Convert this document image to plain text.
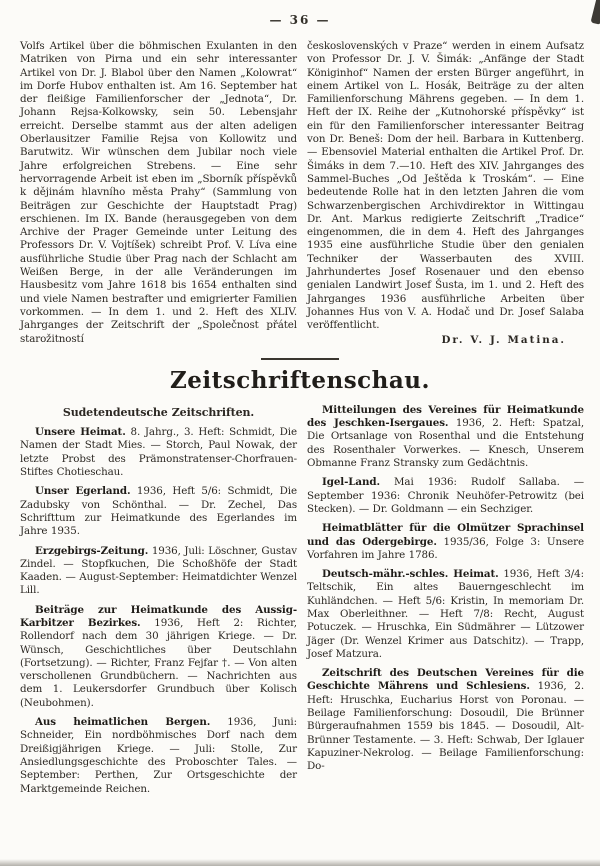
— 36 —

Volfs Artikel über die böhmischen Exulanten in den Matriken von Pirna und ein sehr interessanter Artikel von Dr. J. Blabol über den Namen „Kolowrat“ im Dorfe Hubov enthalten ist. Am 16. September hat der fleißige Familienforscher der „Jednota“, Dr. Johann Rejsa-Kolkowsky, sein 50. Lebensjahr erreicht. Derselbe stammt aus der alten adeligen Oberlausitzer Familie Rejsa von Kollowitz und Barutwitz. Wir wünschen dem Jubilar noch viele Jahre erfolgreichen Strebens. — Eine sehr hervorragende Arbeit ist eben im „Sborník příspěvků k dějinám hlavního města Prahy“ (Sammlung von Beiträgen zur Geschichte der Hauptstadt Prag) erschienen. Im IX. Bande (herausgegeben von dem Archive der Prager Gemeinde unter Leitung des Professors Dr. V. Vojtíšek) schreibt Prof. V. Líva eine ausführliche Studie über Prag nach der Schlacht am Weißen Berge, in der alle Veränderungen im Hausbesitz vom Jahre 1618 bis 1654 enthalten sind und viele Namen bestrafter und emigrierter Familien vorkommen. — In dem 1. und 2. Heft des XLIV. Jahrganges der Zeitschrift der „Společnost přátel starožitností

československých v Praze“ werden in einem Aufsatz von Professor Dr. J. V. Šimák: „Anfänge der Stadt Königinhof“ Namen der ersten Bürger angeführt, in einem Artikel von L. Hosák, Beiträge zu der alten Familienforschung Mährens gegeben. — In dem 1. Heft der IX. Reihe der „Kutnohorské příspěvky“ ist ein für den Familienforscher interessanter Beitrag von Dr. Beneš: Dom der heil. Barbara in Kuttenberg. — Ebensoviel Material enthalten die Artikel Prof. Dr. Šimáks in dem 7.—10. Heft des XIV. Jahrganges des Sammel-Buches „Od Ještěda k Troskám“. — Eine bedeutende Rolle hat in den letzten Jahren die vom Schwarzenbergischen Archivdirektor in Wittingau Dr. Ant. Markus redigierte Zeitschrift „Tradice“ eingenommen, die in dem 4. Heft des Jahrganges 1935 eine ausführliche Studie über den genialen Techniker der Wasserbauten des XVIII. Jahrhundertes Josef Rosenauer und den ebenso genialen Landwirt Josef Šusta, im 1. und 2. Heft des Jahrganges 1936 ausführliche Arbeiten über Johannes Hus von V. A. Hodač und Dr. Josef Salaba veröffentlicht.

Dr. V. J. Matina.
Zeitschriftenschau.
Sudetendeutsche Zeitschriften.

Unsere Heimat. 8. Jahrg., 3. Heft: Schmidt, Die Namen der Stadt Mies. — Storch, Paul Nowak, der letzte Probst des Prämonstratenser-Chorfrauen-Stiftes Chotieschau.

Unser Egerland. 1936, Heft 5/6: Schmidt, Die Zadubsky von Schönthal. — Dr. Zechel, Das Schrifttum zur Heimatkunde des Egerlandes im Jahre 1935.

Erzgebirgs-Zeitung. 1936, Juli: Löschner, Gustav Zindel. — Stopfkuchen, Die Schoßhöfe der Stadt Kaaden. — August-September: Heimatdichter Wenzel Lill.

Beiträge zur Heimatkunde des Aussig-Karbitzer Bezirkes. 1936, Heft 2: Richter, Rollendorf nach dem 30 jährigen Kriege. — Dr. Wünsch, Geschichtliches über Deutschlahn (Fortsetzung). — Richter, Franz Fejfar †. — Von alten verschollenen Grundbüchern. — Nachrichten aus dem 1. Leukersdorfer Grundbuch über Kolisch (Neubohmen).

Aus heimatlichen Bergen. 1936, Juni: Schneider, Ein nordböhmisches Dorf nach dem Dreißigjährigen Kriege. — Juli: Stolle, Zur Ansiedlungsgeschichte des Proboschter Tales. — September: Perthen, Zur Ortsgeschichte der Marktgemeinde Reichen.

Mitteilungen des Vereines für Heimatkunde des Jeschken-Isergaues. 1936, 2. Heft: Spatzal, Die Ortsanlage von Rosenthal und die Entstehung des Rosenthaler Vorwerkes. — Knesch, Unserem Obmanne Franz Stransky zum Gedächtnis.

Igel-Land. Mai 1936: Rudolf Sallaba. — September 1936: Chronik Neuhöfer-Petrowitz (bei Stecken). — Dr. Goldmann — ein Sechziger.

Heimatblätter für die Olmützer Sprachinsel und das Odergebirge. 1935/36, Folge 3: Unsere Vorfahren im Jahre 1786.

Deutsch-mähr.-schles. Heimat. 1936, Heft 3/4: Teltschik, Ein altes Bauerngeschlecht im Kuhländchen. — Heft 5/6: Kristin, In memoriam Dr. Max Oberleithner. — Heft 7/8: Recht, August Potuczek. — Hruschka, Ein Südmährer — Lützower Jäger (Dr. Wenzel Krimer aus Datschitz). — Trapp, Josef Matzura.

Zeitschrift des Deutschen Vereines für die Geschichte Mährens und Schlesiens. 1936, 2. Heft: Hruschka, Eucharius Horst von Poronau. — Beilage Familienforschung: Dosoudil, Die Brünner Bürgeraufnahmen 1559 bis 1845. — Dosoudil, Alt-Brünner Testamente. — 3. Heft: Schwab, Der Iglauer Kapuziner-Nekrolog. — Beilage Familienforschung: Do-
